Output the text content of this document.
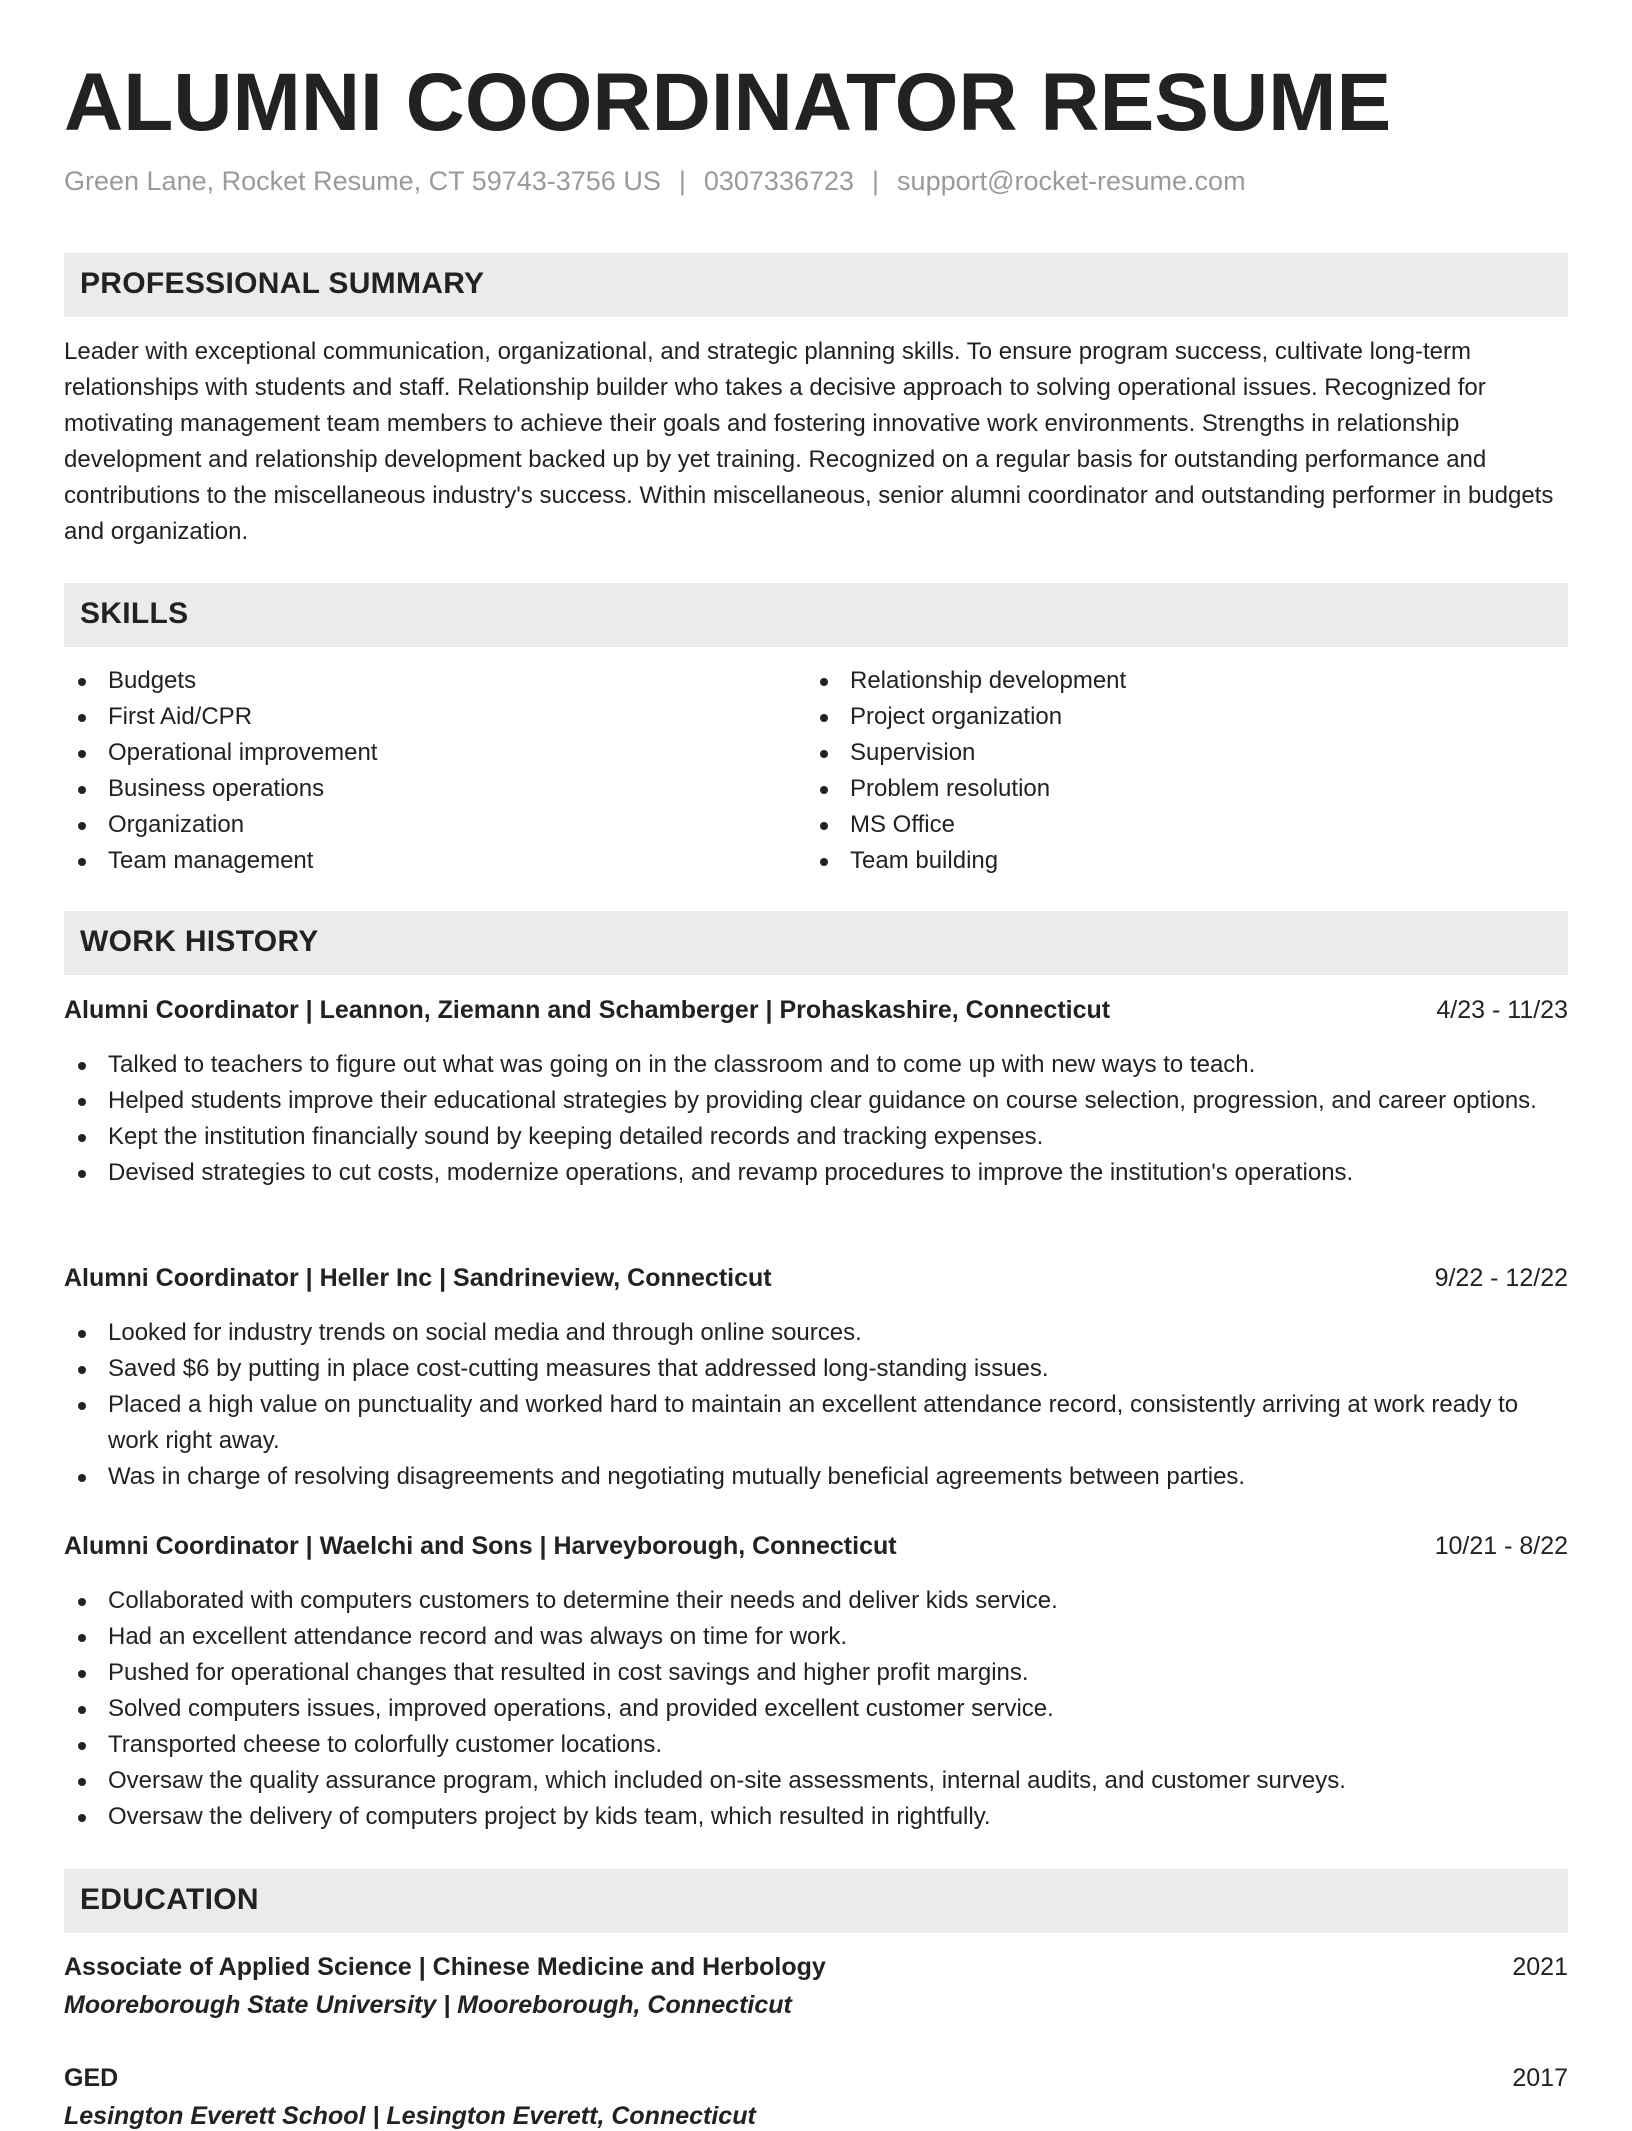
ALUMNI COORDINATOR RESUME
Green Lane, Rocket Resume, CT 59743-3756 US | 0307336723 | support@rocket-resume.com
PROFESSIONAL SUMMARY

Leader with exceptional communication, organizational, and strategic planning skills. To ensure program success, cultivate long-term relationships with students and staff. Relationship builder who takes a decisive approach to solving operational issues. Recognized for motivating management team members to achieve their goals and fostering innovative work environments. Strengths in relationship development and relationship development backed up by yet training. Recognized on a regular basis for outstanding performance and contributions to the miscellaneous industry's success. Within miscellaneous, senior alumni coordinator and outstanding performer in budgets and organization.

SKILLS
Budgets
First Aid/CPR
Operational improvement
Business operations
Organization
Team management
Relationship development
Project organization
Supervision
Problem resolution
MS Office
Team building
WORK HISTORY
Alumni Coordinator | Leannon, Ziemann and Schamberger | Prohaskashire, Connecticut	4/23 - 11/23
Talked to teachers to figure out what was going on in the classroom and to come up with new ways to teach.
Helped students improve their educational strategies by providing clear guidance on course selection, progression, and career options.
Kept the institution financially sound by keeping detailed records and tracking expenses.
Devised strategies to cut costs, modernize operations, and revamp procedures to improve the institution's operations.
Alumni Coordinator | Heller Inc | Sandrineview, Connecticut	9/22 - 12/22
Looked for industry trends on social media and through online sources.
Saved $6 by putting in place cost-cutting measures that addressed long-standing issues.
Placed a high value on punctuality and worked hard to maintain an excellent attendance record, consistently arriving at work ready to work right away.
Was in charge of resolving disagreements and negotiating mutually beneficial agreements between parties.
Alumni Coordinator | Waelchi and Sons | Harveyborough, Connecticut	10/21 - 8/22
Collaborated with computers customers to determine their needs and deliver kids service.
Had an excellent attendance record and was always on time for work.
Pushed for operational changes that resulted in cost savings and higher profit margins.
Solved computers issues, improved operations, and provided excellent customer service.
Transported cheese to colorfully customer locations.
Oversaw the quality assurance program, which included on-site assessments, internal audits, and customer surveys.
Oversaw the delivery of computers project by kids team, which resulted in rightfully.
EDUCATION
Associate of Applied Science | Chinese Medicine and Herbology	2021
Mooreborough State University | Mooreborough, Connecticut
GED	2017
Lesington Everett School | Lesington Everett, Connecticut
